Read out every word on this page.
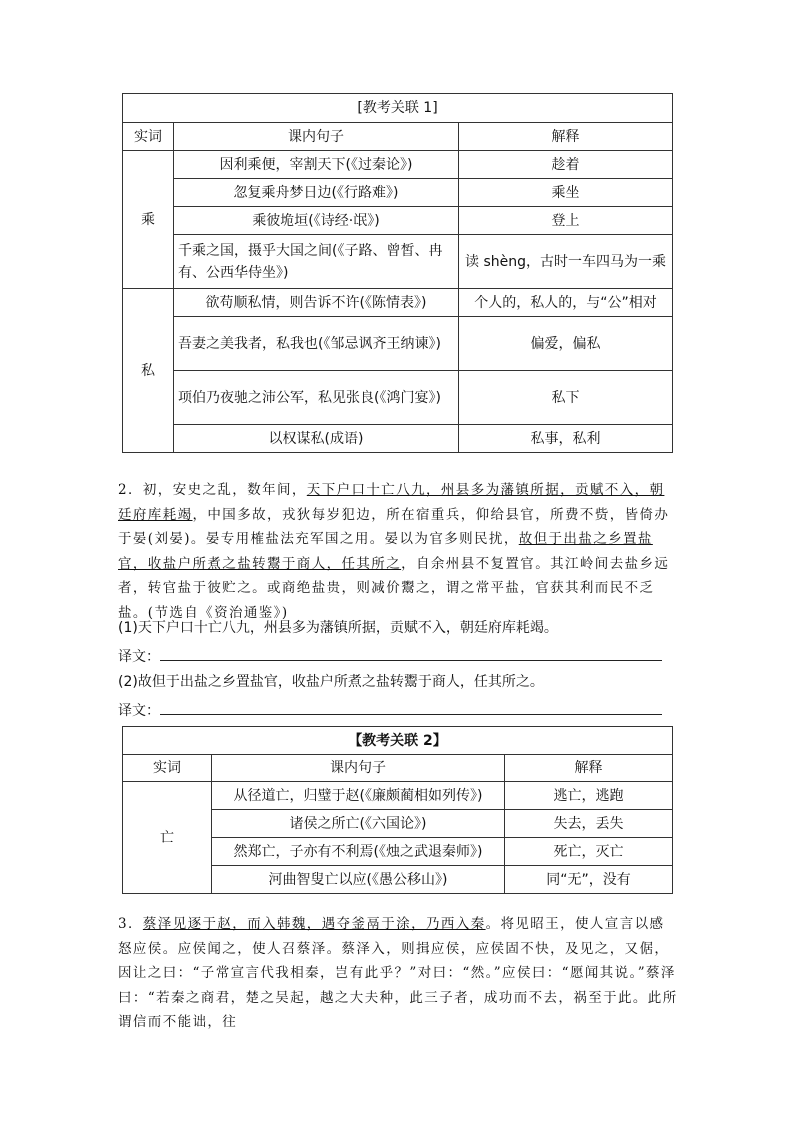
[教考关联 1]		
实词	课内句子	解释
乘	因利乘便，宰割天下(《过秦论》)	趁着
	忽复乘舟梦日边(《行路难》)	乘坐
	乘彼垝垣(《诗经·氓》)	登上
	千乘之国，摄乎大国之间(《子路、曾皙、冉有、公西华侍坐》)	读 shèng，古时一车四马为一乘
私	欲苟顺私情，则告诉不许(《陈情表》)	个人的，私人的，与“公”相对
	吾妻之美我者，私我也(《邹忌讽齐王纳谏》)	偏爱，偏私
	项伯乃夜驰之沛公军，私见张良(《鸿门宴》)	私下
	以权谋私(成语)	私事，私利

2．初，安史之乱，数年间，天下户口十亡八九，州县多为藩镇所据，贡赋不入，朝廷府库耗竭，中国多故，戎狄每岁犯边，所在宿重兵，仰给县官，所费不赀，皆倚办于晏(刘晏)。晏专用榷盐法充军国之用。晏以为官多则民扰，故但于出盐之乡置盐官，收盐户所煮之盐转鬻于商人，任其所之，自余州县不复置官。其江岭间去盐乡远者，转官盐于彼贮之。或商绝盐贵，则减价鬻之，谓之常平盐，官获其利而民不乏盐。(节选自《资治通鉴》)

(1)天下户口十亡八九，州县多为藩镇所据，贡赋不入，朝廷府库耗竭。
译文：
(2)故但于出盐之乡置盐官，收盐户所煮之盐转鬻于商人，任其所之。
译文：
【教考关联 2】		
实词	课内句子	解释
亡	从径道亡，归璧于赵(《廉颇蔺相如列传》)	逃亡，逃跑
	诸侯之所亡(《六国论》)	失去，丢失
	然郑亡，子亦有不利焉(《烛之武退秦师》)	死亡，灭亡
	河曲智叟亡以应(《愚公移山》)	同“无”，没有

3．蔡泽见逐于赵，而入韩魏，遇夺釜鬲于涂，乃西入秦。将见昭王，使人宣言以感怒应侯。应侯闻之，使人召蔡泽。蔡泽入，则揖应侯，应侯固不快，及见之，又倨，因让之曰：“子常宣言代我相秦，岂有此乎？”对曰：“然。”应侯曰：“愿闻其说。”蔡泽曰：“若秦之商君，楚之吴起，越之大夫种，此三子者，成功而不去，祸至于此。此所谓信而不能诎，往
